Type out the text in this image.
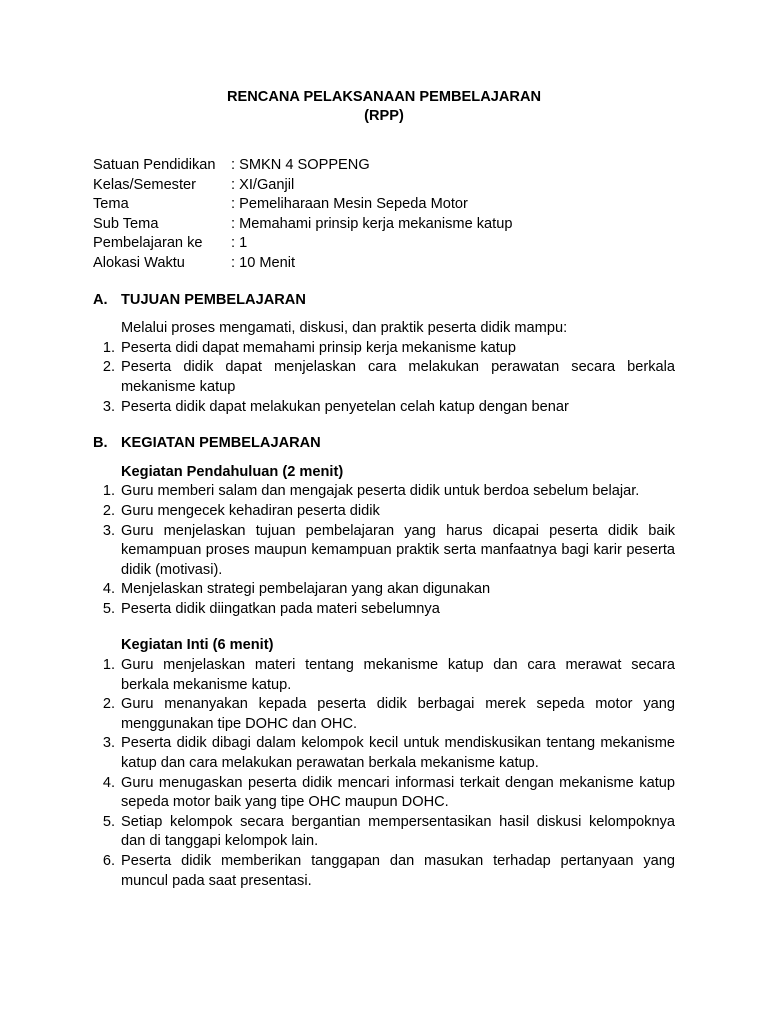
RENCANA PELAKSANAAN PEMBELAJARAN
(RPP)
Satuan Pendidikan	: SMKN 4 SOPPENG
Kelas/Semester	: XI/Ganjil
Tema	: Pemeliharaan Mesin Sepeda Motor
Sub Tema	: Memahami prinsip kerja mekanisme katup
Pembelajaran ke	: 1
Alokasi Waktu	: 10 Menit
A. TUJUAN PEMBELAJARAN
Melalui proses mengamati, diskusi, dan praktik peserta didik mampu:
1. Peserta didi dapat memahami prinsip kerja mekanisme katup
2. Peserta didik dapat menjelaskan cara melakukan perawatan secara berkala mekanisme katup
3. Peserta didik dapat melakukan penyetelan celah katup dengan benar
B. KEGIATAN PEMBELAJARAN
Kegiatan Pendahuluan (2 menit)
1. Guru memberi salam dan mengajak peserta didik untuk berdoa sebelum belajar.
2. Guru mengecek kehadiran peserta didik
3. Guru menjelaskan tujuan pembelajaran yang harus dicapai peserta didik baik kemampuan proses maupun kemampuan praktik serta manfaatnya bagi karir peserta didik (motivasi).
4. Menjelaskan strategi pembelajaran yang akan digunakan
5. Peserta didik diingatkan pada materi sebelumnya
Kegiatan Inti (6 menit)
1. Guru menjelaskan materi tentang mekanisme katup dan cara merawat secara berkala mekanisme katup.
2. Guru menanyakan kepada peserta didik berbagai merek sepeda motor yang menggunakan tipe DOHC dan OHC.
3. Peserta didik dibagi dalam kelompok kecil untuk mendiskusikan tentang mekanisme katup dan cara melakukan perawatan berkala mekanisme katup.
4. Guru menugaskan peserta didik mencari informasi terkait dengan mekanisme katup sepeda motor baik yang tipe OHC maupun DOHC.
5. Setiap kelompok secara bergantian mempersentasikan hasil diskusi kelompoknya dan di tanggapi kelompok lain.
6. Peserta didik memberikan tanggapan dan masukan terhadap pertanyaan yang muncul pada saat presentasi.
